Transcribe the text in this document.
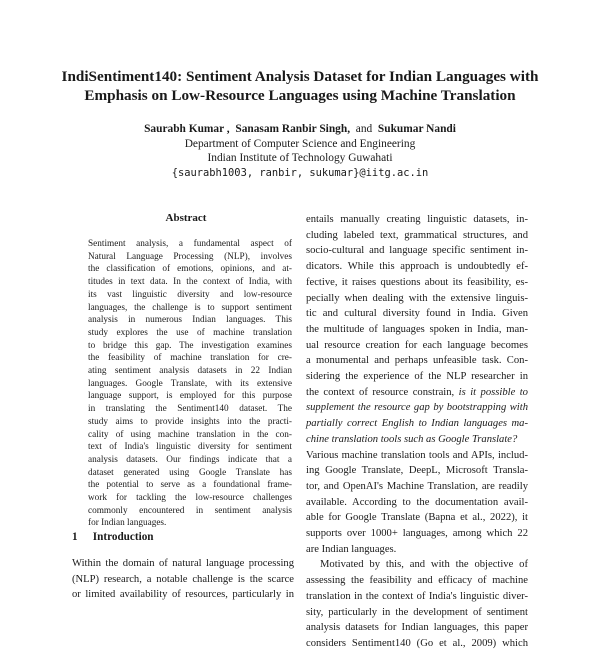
IndiSentiment140: Sentiment Analysis Dataset for Indian Languages with
Emphasis on Low-Resource Languages using Machine Translation
Saurabh Kumar , Sanasam Ranbir Singh, and Sukumar Nandi
Department of Computer Science and Engineering
Indian Institute of Technology Guwahati
{saurabh1003, ranbir, sukumar}@iitg.ac.in
Abstract
Sentiment analysis, a fundamental aspect of
Natural Language Processing (NLP), involves
the classification of emotions, opinions, and at-
titudes in text data. In the context of India, with
its vast linguistic diversity and low-resource
languages, the challenge is to support sentiment
analysis in numerous Indian languages. This
study explores the use of machine translation
to bridge this gap. The investigation examines
the feasibility of machine translation for cre-
ating sentiment analysis datasets in 22 Indian
languages. Google Translate, with its extensive
language support, is employed for this purpose
in translating the Sentiment140 dataset. The
study aims to provide insights into the practi-
cality of using machine translation in the con-
text of India's linguistic diversity for sentiment
analysis datasets. Our findings indicate that a
dataset generated using Google Translate has
the potential to serve as a foundational frame-
work for tackling the low-resource challenges
commonly encountered in sentiment analysis
for Indian languages.
1 Introduction
Within the domain of natural language processing
(NLP) research, a notable challenge is the scarce
or limited availability of resources, particularly in
entails manually creating linguistic datasets, in-
cluding labeled text, grammatical structures, and
socio-cultural and language specific sentiment in-
dicators. While this approach is undoubtedly ef-
fective, it raises questions about its feasibility, es-
pecially when dealing with the extensive linguis-
tic and cultural diversity found in India. Given
the multitude of languages spoken in India, man-
ual resource creation for each language becomes
a monumental and perhaps unfeasible task. Con-
sidering the experience of the NLP researcher in
the context of resource constrain, is it possible to
supplement the resource gap by bootstrapping with
partially correct English to Indian languages ma-
chine translation tools such as Google Translate?
Various machine translation tools and APIs, includ-
ing Google Translate, DeepL, Microsoft Transla-
tor, and OpenAI's Machine Translation, are readily
available. According to the documentation avail-
able for Google Translate (Bapna et al., 2022), it
supports over 1000+ languages, among which 22
are Indian languages.
Motivated by this, and with the objective of
assessing the feasibility and efficacy of machine
translation in the context of India's linguistic diver-
sity, particularly in the development of sentiment
analysis datasets for Indian languages, this paper
considers Sentiment140 (Go et al., 2009) which
